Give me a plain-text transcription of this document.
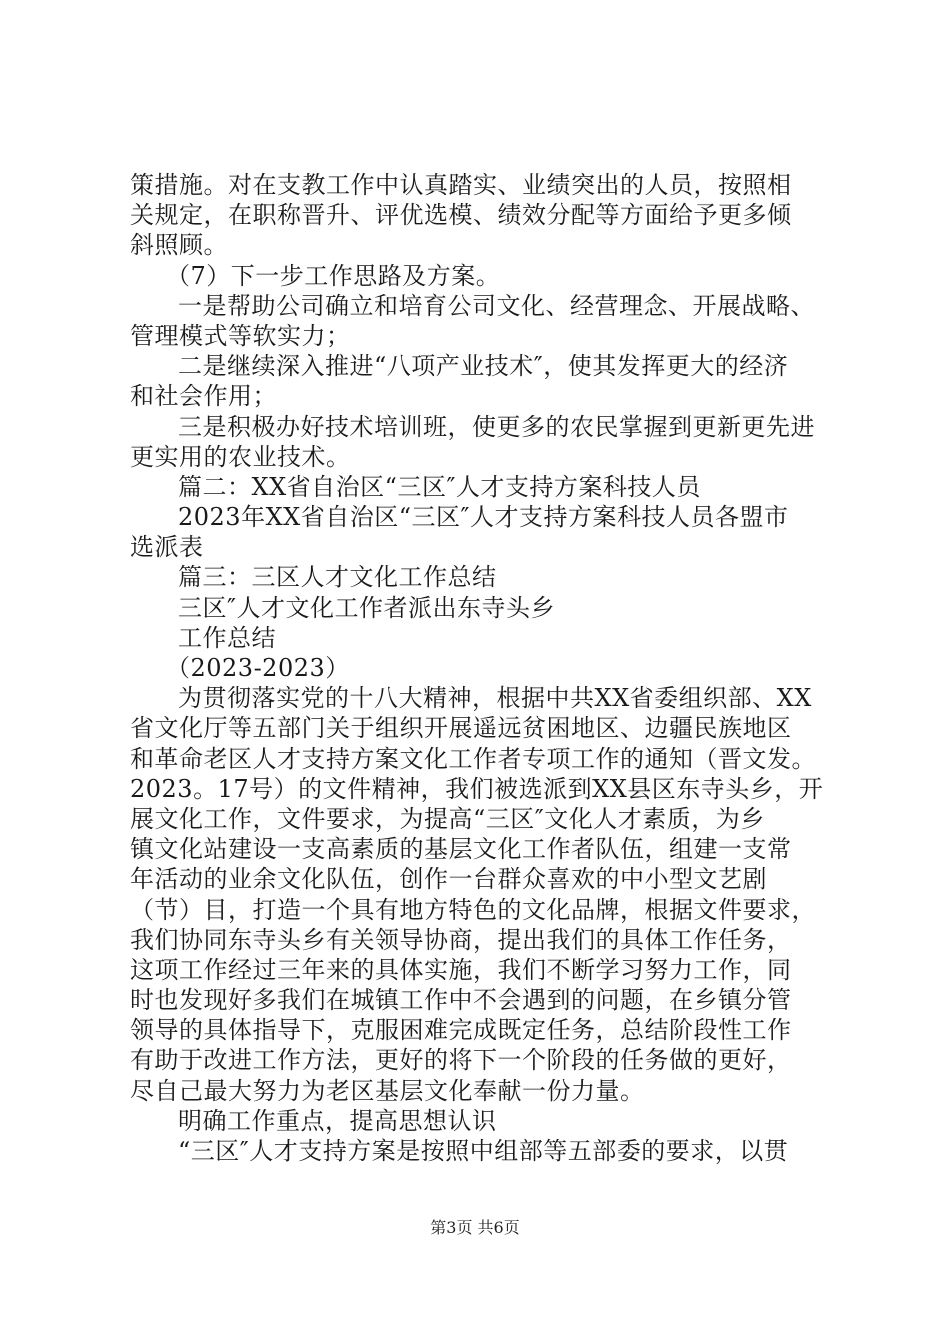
策措施。对在支教工作中认真踏实、业绩突出的人员，按照相
关规定，在职称晋升、评优选模、绩效分配等方面给予更多倾
斜照顾。
（7）下一步工作思路及方案。
一是帮助公司确立和培育公司文化、经营理念、开展战略、
管理模式等软实力；
二是继续深入推进“八项产业技术″，使其发挥更大的经济
和社会作用；
三是积极办好技术培训班，使更多的农民掌握到更新更先进
更实用的农业技术。
篇二：XX省自治区“三区″人才支持方案科技人员
2023年XX省自治区“三区″人才支持方案科技人员各盟市
选派表
篇三：三区人才文化工作总结
三区″人才文化工作者派出东寺头乡
工作总结
（2023-2023）
为贯彻落实党的十八大精神，根据中共XX省委组织部、XX
省文化厅等五部门关于组织开展遥远贫困地区、边疆民族地区
和革命老区人才支持方案文化工作者专项工作的通知（晋文发。
2023。17号）的文件精神，我们被选派到XX县区东寺头乡，开
展文化工作，文件要求，为提高“三区″文化人才素质，为乡
镇文化站建设一支高素质的基层文化工作者队伍，组建一支常
年活动的业余文化队伍，创作一台群众喜欢的中小型文艺剧
（节）目，打造一个具有地方特色的文化品牌，根据文件要求，
我们协同东寺头乡有关领导协商，提出我们的具体工作任务，
这项工作经过三年来的具体实施，我们不断学习努力工作，同
时也发现好多我们在城镇工作中不会遇到的问题，在乡镇分管
领导的具体指导下，克服困难完成既定任务，总结阶段性工作
有助于改进工作方法，更好的将下一个阶段的任务做的更好，
尽自己最大努力为老区基层文化奉献一份力量。
明确工作重点，提高思想认识
“三区″人才支持方案是按照中组部等五部委的要求，以贯
第3页 共6页
